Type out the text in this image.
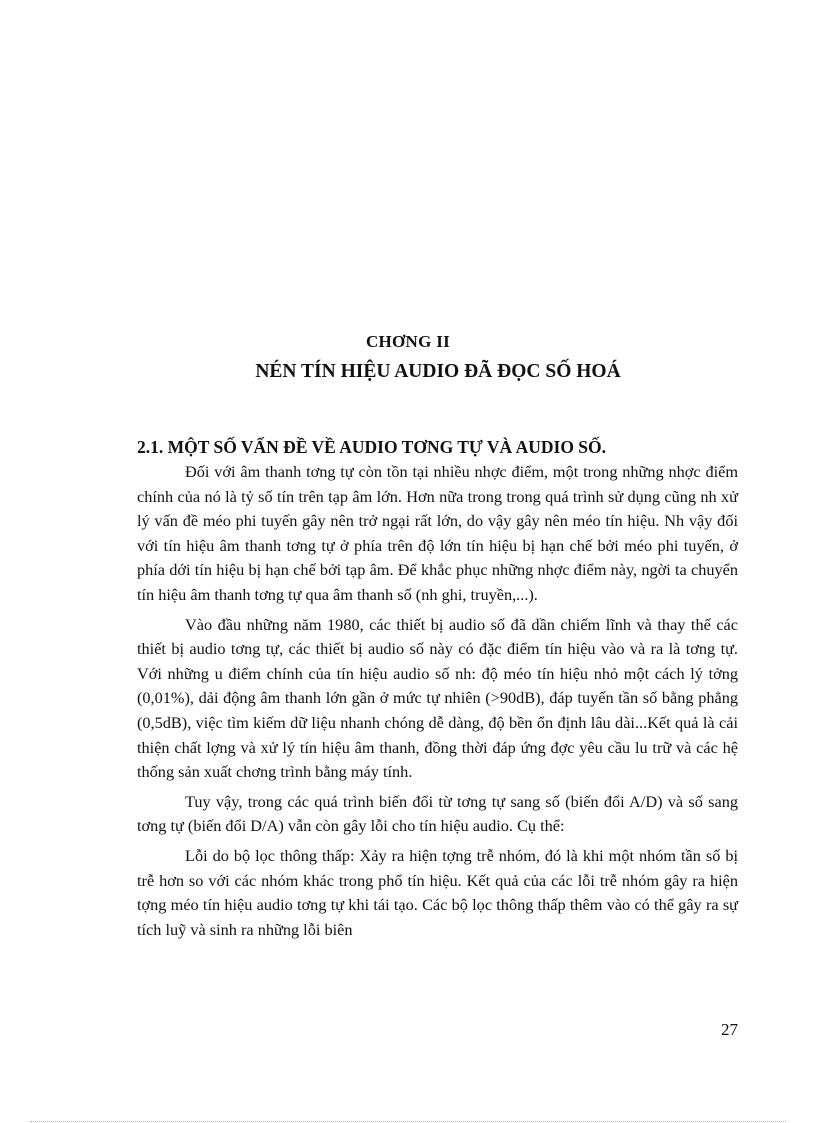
CHƠNG II
NÉN TÍN HIỆU AUDIO ĐÃ ĐỌC SỐ HOÁ
2.1. MỘT SỐ VẤN ĐỀ VỀ AUDIO TƠNG TỰ VÀ AUDIO SỐ.

Đối với âm thanh tơng tự còn tồn tại nhiều nhợc điểm, một trong những nhợc điểm chính của nó là tỷ số tín trên tạp âm lớn. Hơn nữa trong trong quá trình sử dụng cũng nh xử lý vấn đề méo phi tuyến gây nên trở ngại rất lớn, do vậy gây nên méo tín hiệu. Nh vậy đối với tín hiệu âm thanh tơng tự ở phía trên độ lớn tín hiệu bị hạn chế bởi méo phi tuyến, ở phía dới tín hiệu bị hạn chế bởi tạp âm. Để khắc phục những nhợc điểm này, ngời ta chuyển tín hiệu âm thanh tơng tự qua âm thanh số (nh ghi, truyền,...).

Vào đầu những năm 1980, các thiết bị audio số đã dần chiếm lĩnh và thay thế các thiết bị audio tơng tự, các thiết bị audio số này có đặc điểm tín hiệu vào và ra là tơng tự. Với những u điểm chính của tín hiệu audio số nh: độ méo tín hiệu nhỏ một cách lý tởng (0,01%), dải động âm thanh lớn gần ở mức tự nhiên (>90dB), đáp tuyến tần số bằng phẳng (0,5dB), việc tìm kiếm dữ liệu nhanh chóng dễ dàng, độ bền ổn định lâu dài...Kết quả là cải thiện chất lợng và xử lý tín hiệu âm thanh, đồng thời đáp ứng đợc yêu cầu lu trữ và các hệ thống sản xuất chơng trình bằng máy tính.

Tuy vậy, trong các quá trình biến đổi từ tơng tự sang số (biến đổi A/D) và số sang tơng tự (biến đổi D/A) vẫn còn gây lỗi cho tín hiệu audio. Cụ thể:

Lỗi do bộ lọc thông thấp: Xảy ra hiện tợng trễ nhóm, đó là khi một nhóm tần số bị trễ hơn so với các nhóm khác trong phổ tín hiệu. Kết quả của các lỗi trễ nhóm gây ra hiện tợng méo tín hiệu audio tơng tự khi tái tạo. Các bộ lọc thông thấp thêm vào có thể gây ra sự tích luỹ và sinh ra những lỗi biên

27
